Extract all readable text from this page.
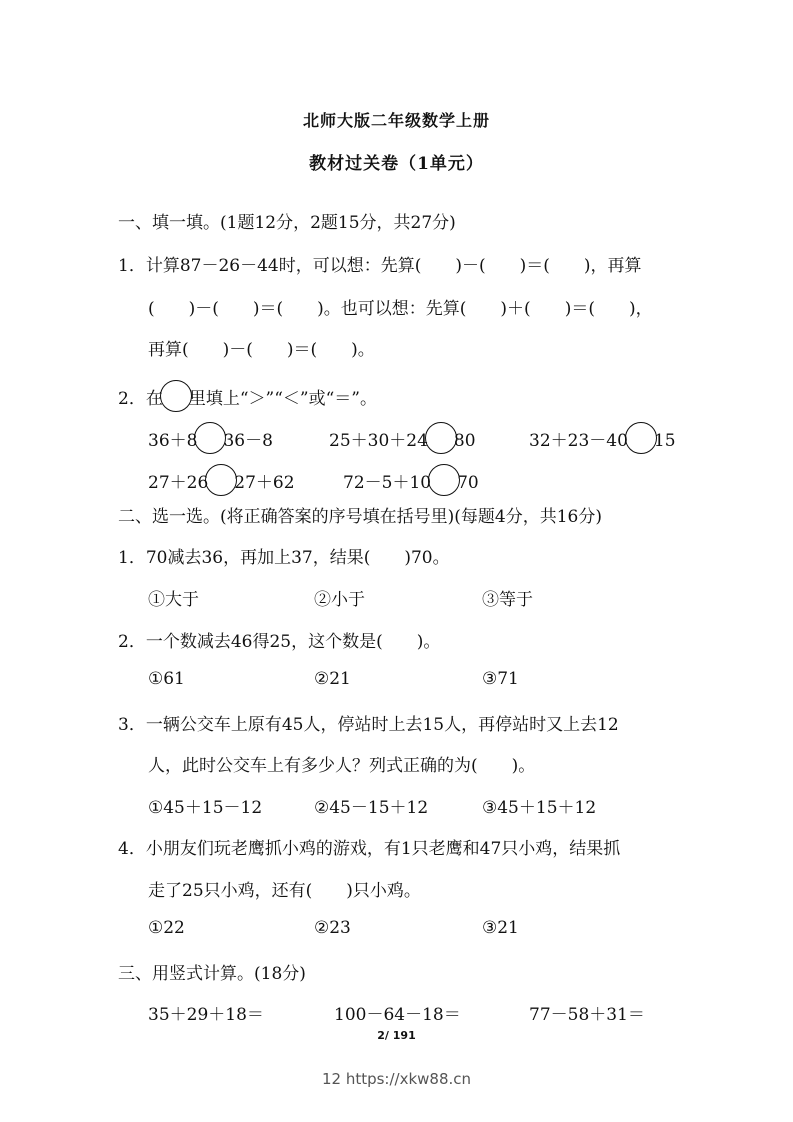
北师大版二年级数学上册
教材过关卷（1单元）
一、填一填。(1题12分，2题15分，共27分)
1．计算87－26－44时，可以想：先算(　　)－(　　)＝(　　)，再算
(　　)－(　　)＝(　　)。也可以想：先算(　　)＋(　　)＝(　　)，
再算(　　)－(　　)＝(　　)。
2．在 里填上“＞”“＜”或“＝”。
36＋8 36－8	25＋30＋24 80	32＋23－40 15
27＋26 27＋62	72－5＋10 70
二、选一选。(将正确答案的序号填在括号里)(每题4分，共16分)
1．70减去36，再加上37，结果(　　)70。
①大于	②小于	③等于
2．一个数减去46得25，这个数是(　　)。
①61	②21	③71
3．一辆公交车上原有45人，停站时上去15人，再停站时又上去12
人，此时公交车上有多少人？列式正确的为(　　)。
①45＋15－12	②45－15＋12	③45＋15＋12
4．小朋友们玩老鹰抓小鸡的游戏，有1只老鹰和47只小鸡，结果抓
走了25只小鸡，还有(　　)只小鸡。
①22	②23	③21
三、用竖式计算。(18分)
35＋29＋18＝	100－64－18＝	77－58＋31＝
2/ 191
12 https://xkw88.cn
